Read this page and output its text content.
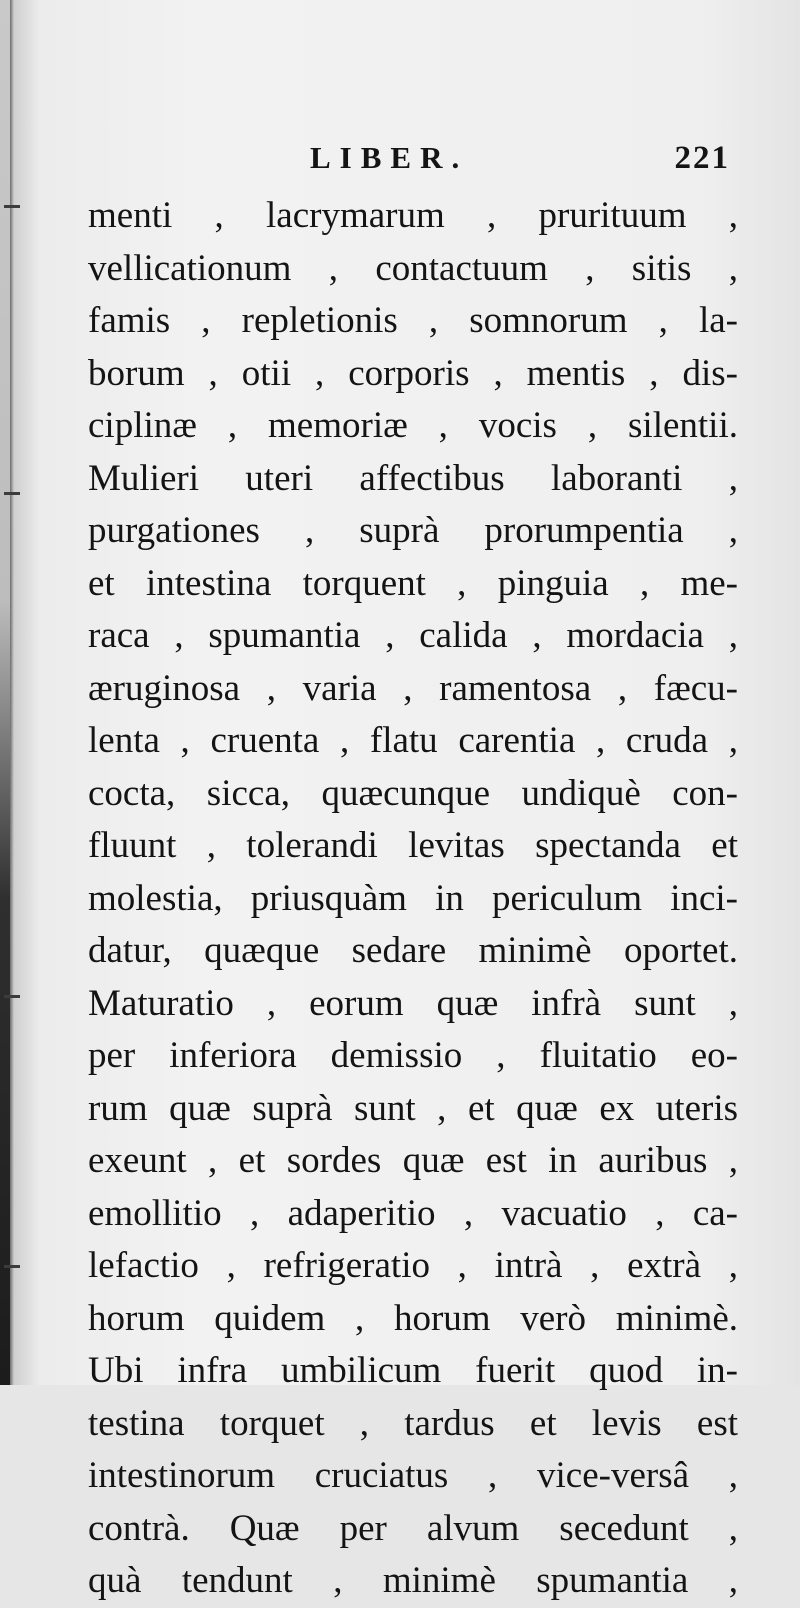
LIBER.	221
menti , lacrymarum , prurituum ,
vellicationum , contactuum , sitis ,
famis , repletionis , somnorum , la-
borum , otii , corporis , mentis , dis-
ciplinæ , memoriæ , vocis , silentii.
Mulieri uteri affectibus laboranti ,
purgationes , suprà prorumpentia ,
et intestina torquent , pinguia , me-
raca , spumantia , calida , mordacia ,
æruginosa , varia , ramentosa , fæcu-
lenta , cruenta , flatu carentia , cruda ,
cocta, sicca, quæcunque undiquè con-
fluunt , tolerandi levitas spectanda et
molestia, priusquàm in periculum inci-
datur, quæque sedare minimè oportet.
Maturatio , eorum quæ infrà sunt ,
per inferiora demissio , fluitatio eo-
rum quæ suprà sunt , et quæ ex uteris
exeunt , et sordes quæ est in auribus ,
emollitio , adaperitio , vacuatio , ca-
lefactio , refrigeratio , intrà , extrà ,
horum quidem , horum verò minimè.
Ubi infra umbilicum fuerit quod in-
testina torquet , tardus et levis est
intestinorum cruciatus , vice-versâ ,
contrà. Quæ per alvum secedunt ,
quà tendunt , minimè spumantia ,
